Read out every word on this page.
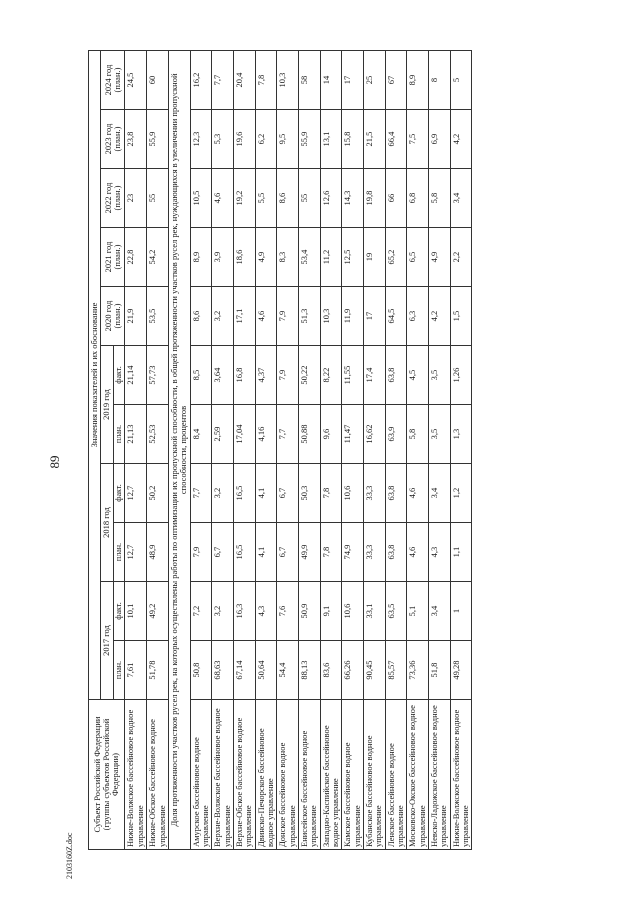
89
2103160Z.doc
Субъект Российской Федерации (группы субъектов Российской Федерации)	Значения показателей и их обоснование										
	2017 год		2018 год		2019 год		2020 год (план.)	2021 год (план.)	2022 год (план.)	2023 год (план.)	2024 год (план.)
	план.	факт.	план.	факт.	план.	факт.					
Нижне-Волжское бассейновое водное управление	7,61	10,1	12,7	12,7	21,13	21,14	21,9	22,8	23	23,8	24,5
Нижне-Обское бассейновое водное управление	51,78	49,2	48,9	50,2	52,53	57,73	53,5	54,2	55	55,9	60
Доля протяженности участков русел рек, на которых осуществлены работы по оптимизации их пропускной способности, в общей протяженности участков русел рек, нуждающихся в увеличении пропускной способности, процентов											
Амурское бассейновое водное управление	50,8	7,2	7,9	7,7	8,4	8,5	8,6	8,9	10,5	12,3	16,2
Верхне-Волжское бассейновое водное управление	68,63	3,2	6,7	3,2	2,59	3,64	3,2	3,9	4,6	5,3	7,7
Верхне-Обское бассейновое водное управление	67,14	16,3	16,5	16,5	17,04	16,8	17,1	18,6	19,2	19,6	20,4
Двинско-Печорское бассейновое водное управление	50,64	4,3	4,1	4,1	4,16	4,37	4,6	4,9	5,5	6,2	7,8
Донское бассейновое водное управление	54,4	7,6	6,7	6,7	7,7	7,9	7,9	8,3	8,6	9,5	10,3
Енисейское бассейновое водное управление	88,13	50,9	49,9	50,3	50,88	50,22	51,3	53,4	55	55,9	58
Западно-Каспийское бассейновое водное управление	83,6	9,1	7,8	7,8	9,6	8,22	10,3	11,2	12,6	13,1	14
Камское бассейновое водное управление	66,26	10,6	74,9	10,6	11,47	11,55	11,9	12,5	14,3	15,8	17
Кубанское бассейновое водное управление	90,45	33,1	33,3	33,3	16,62	17,4	17	19	19,8	21,5	25
Ленское бассейновое водное управление	85,57	63,5	63,8	63,8	63,9	63,8	64,5	65,2	66	66,4	67
Московско-Окское бассейновое водное управление	73,36	5,1	4,6	4,6	5,8	4,5	6,3	6,5	6,8	7,5	8,9
Невско-Ладожское бассейновое водное управление	51,8	3,4	4,3	3,4	3,5	3,5	4,2	4,9	5,8	6,9	8
Нижне-Волжское бассейновое водное управление	49,28	1	1,1	1,2	1,3	1,26	1,5	2,2	3,4	4,2	5
